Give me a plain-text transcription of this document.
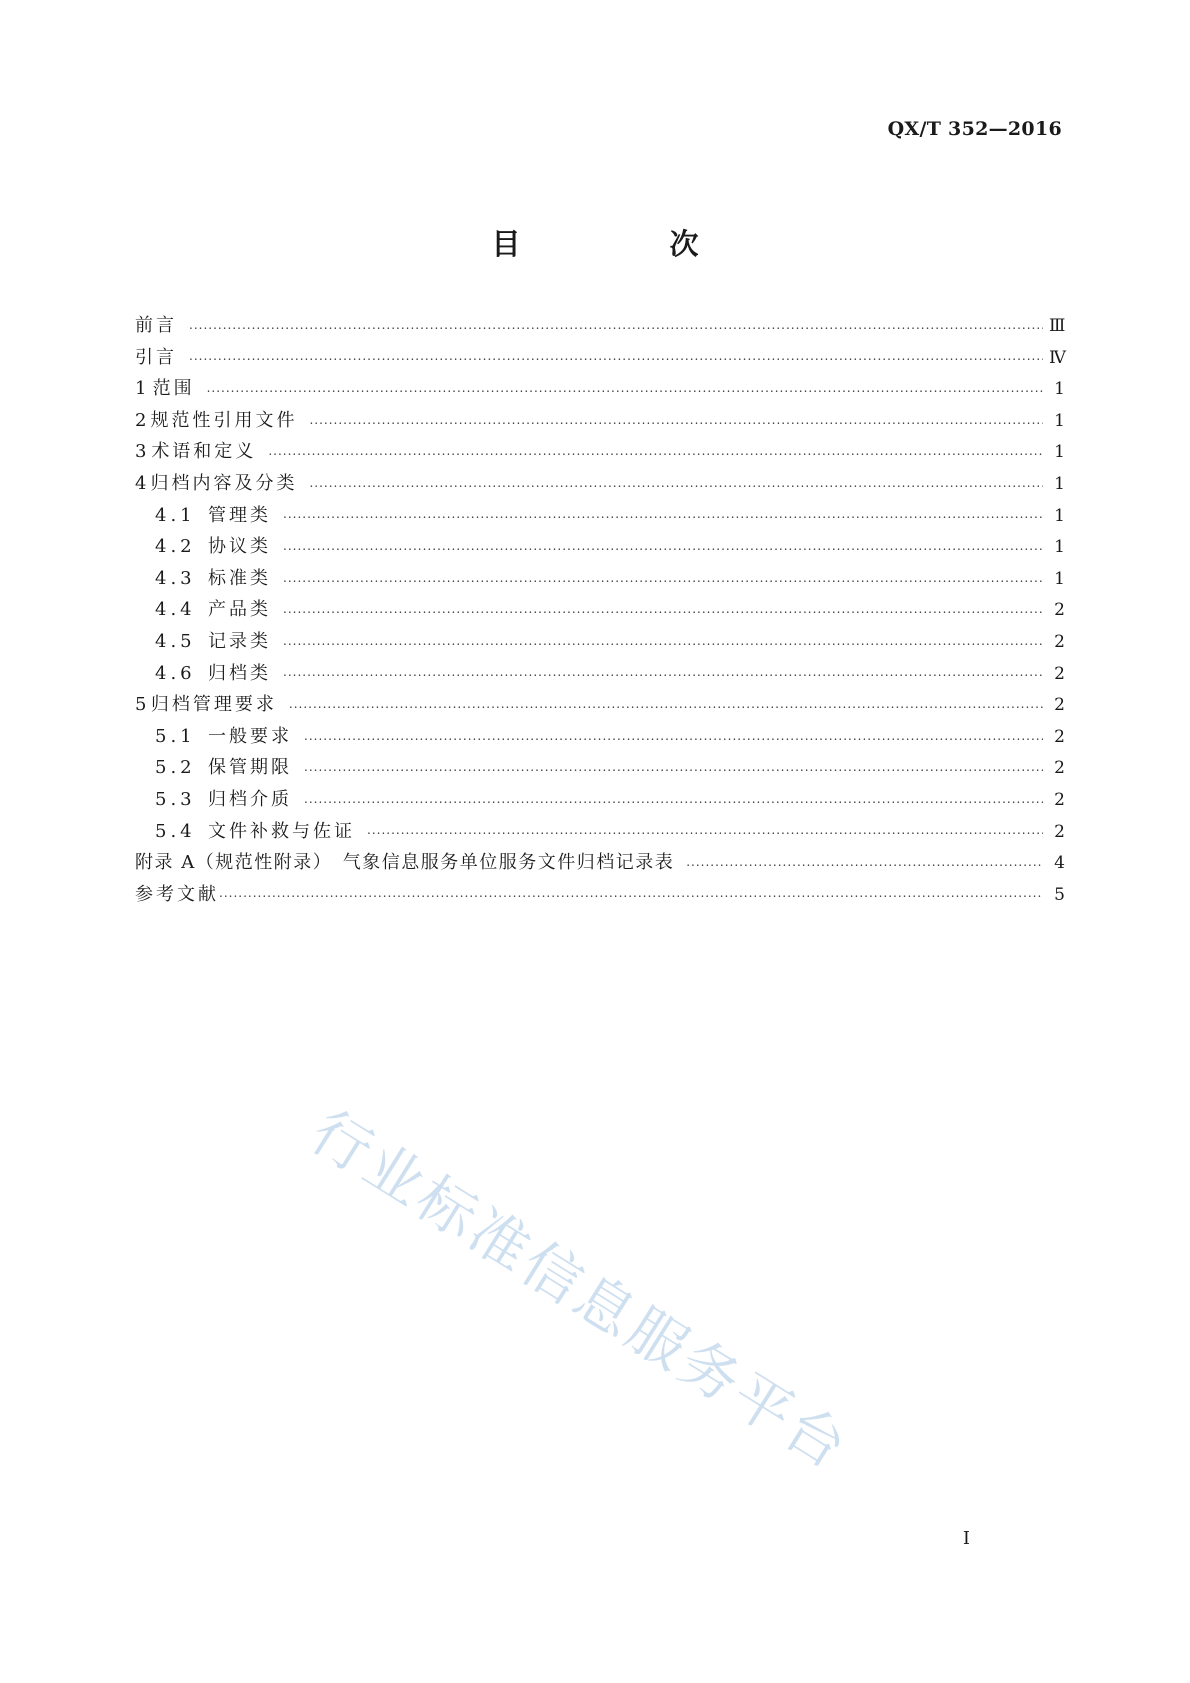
QX/T 352—2016
目　次
前言 .....	Ⅲ
引言 .....	Ⅳ
1 范围 .....	1
2 规范性引用文件 .....	1
3 术语和定义 .....	1
4 归档内容及分类 .....	1
4.1 管理类 .....	1
4.2 协议类 .....	1
4.3 标准类 .....	1
4.4 产品类 .....	2
4.5 记录类 .....	2
4.6 归档类 .....	2
5 归档管理要求 .....	2
5.1 一般要求 .....	2
5.2 保管期限 .....	2
5.3 归档介质 .....	2
5.4 文件补救与佐证 .....	2
附录 A（规范性附录）　气象信息服务单位服务文件归档记录表 .....	4
参考文献 .....	5
行业标准信息服务平台
Ⅰ
